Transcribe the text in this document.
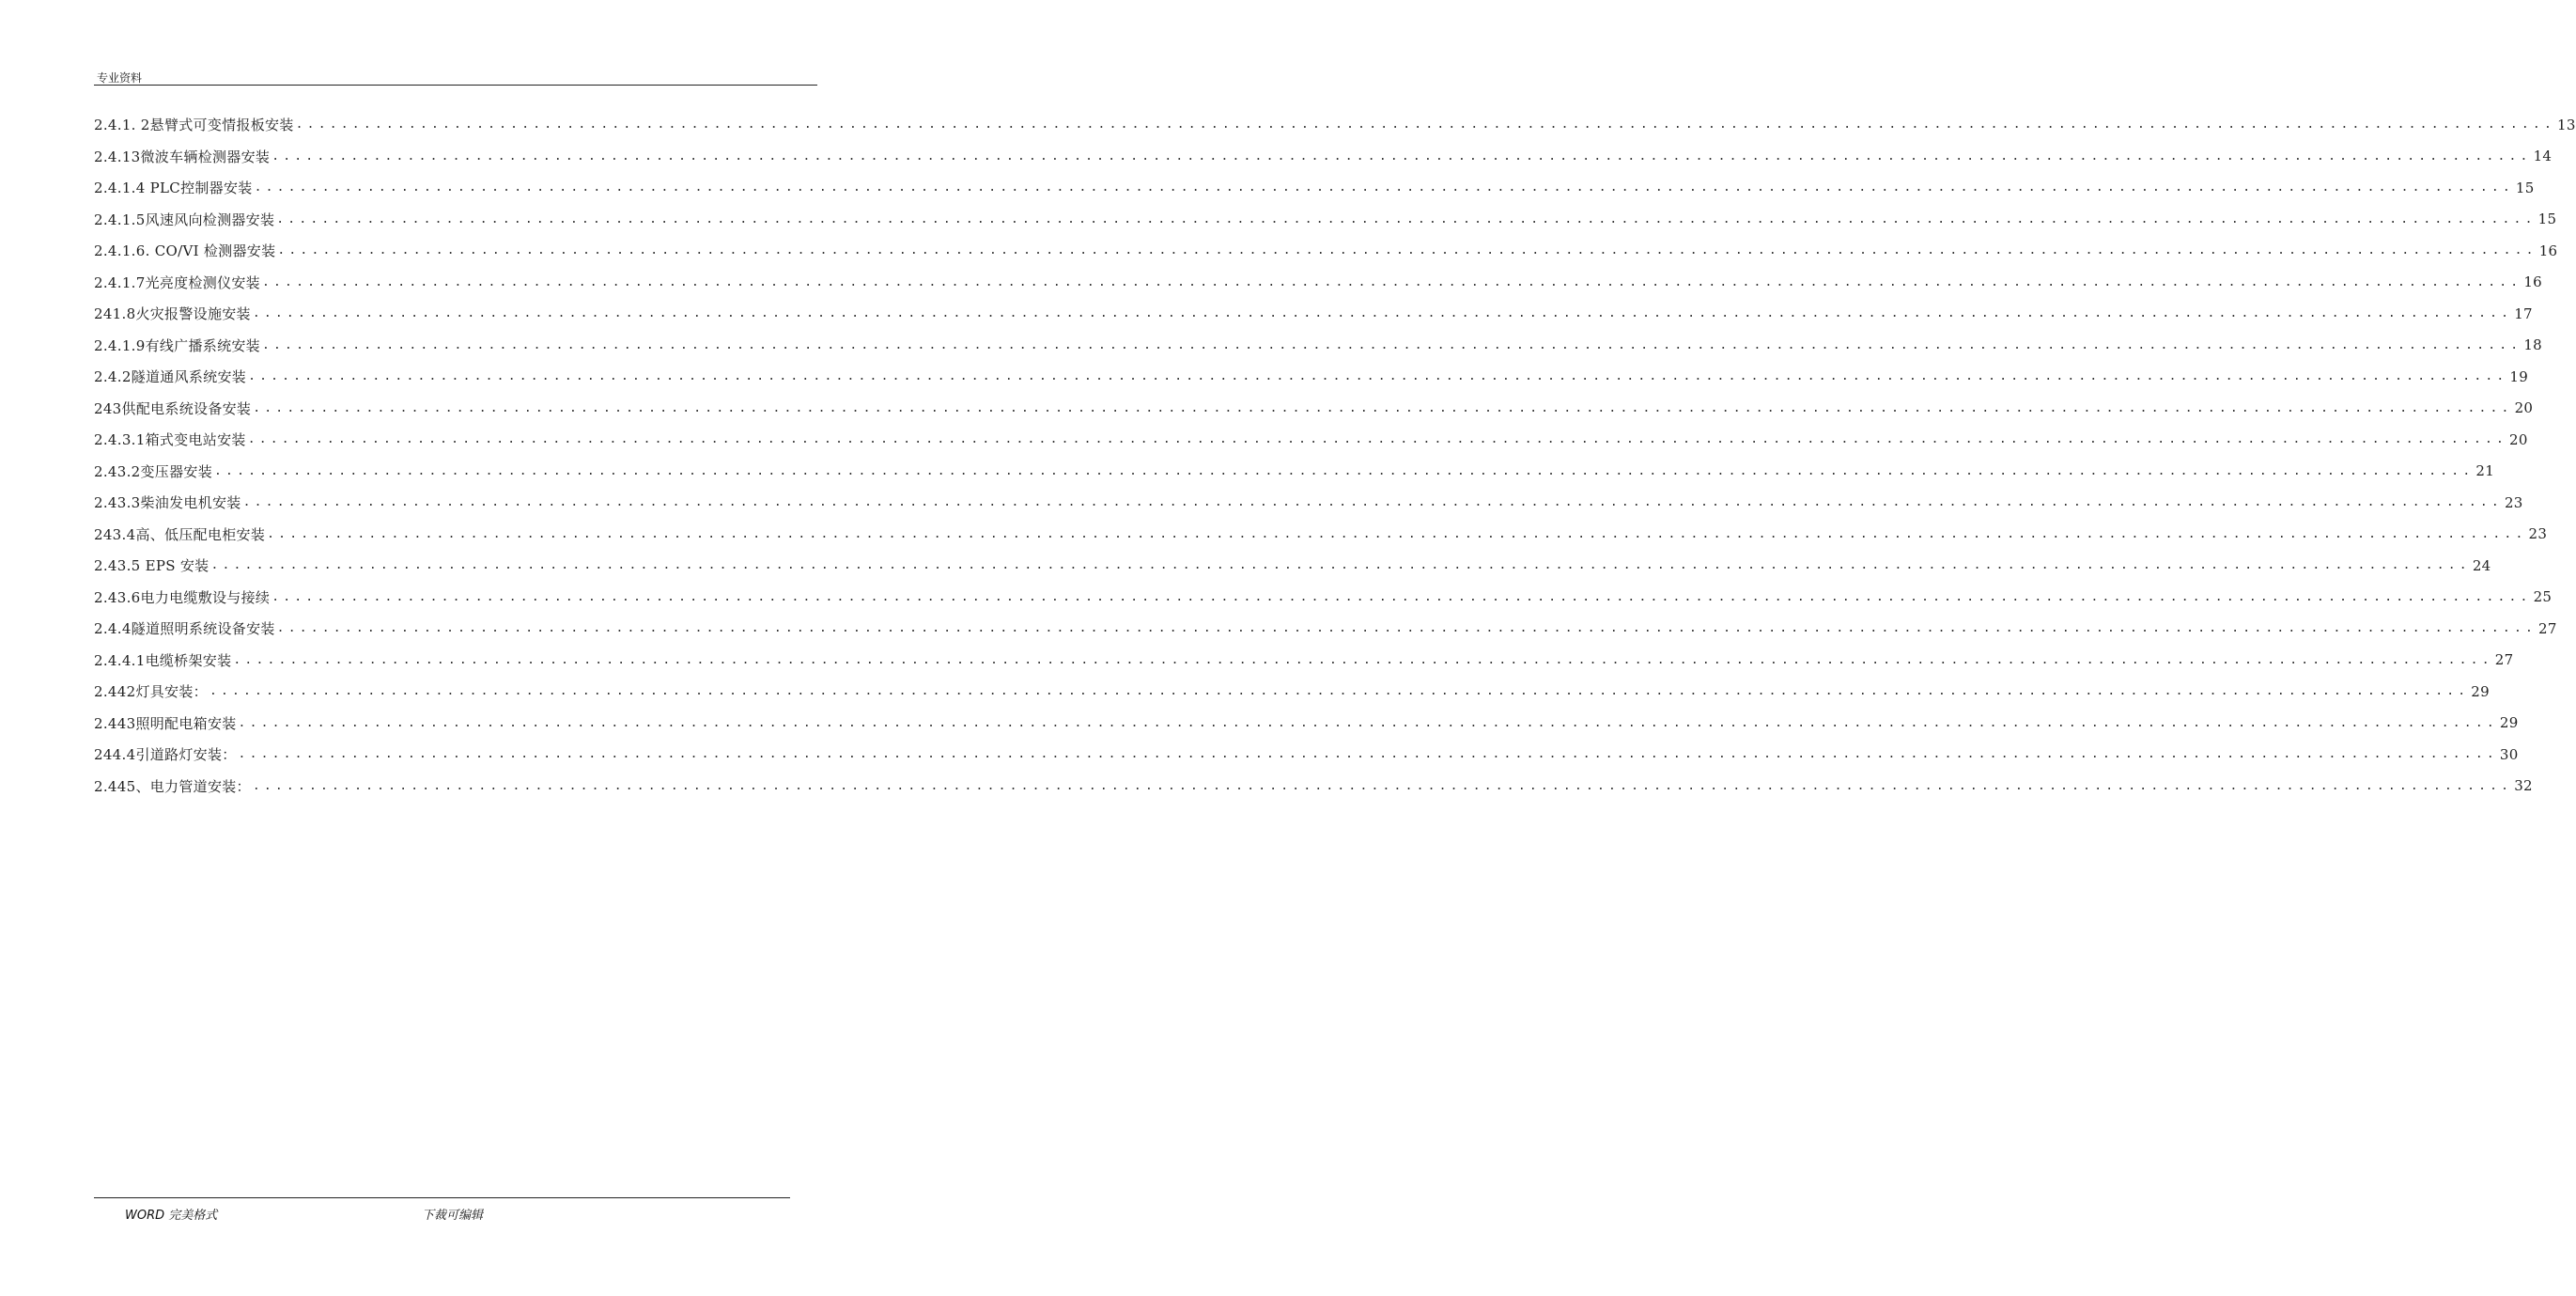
专业资料
2.4.1. 2悬臂式可变情报板安装 ........................................................................................................................................................................................................ 13
2.4.13微波车辆检测器安装 ........................................................................................................................................................................................................ 14
2.4.1.4 PLC控制器安装 ........................................................................................................................................................................................................ 15
2.4.1.5风速风向检测器安装 ........................................................................................................................................................................................................ 15
2.4.1.6. CO/VI 检测器安装 ........................................................................................................................................................................................................ 16
2.4.1.7光亮度检测仪安装 ........................................................................................................................................................................................................ 16
241.8火灾报警设施安装 ........................................................................................................................................................................................................ 17
2.4.1.9有线广播系统安装 ........................................................................................................................................................................................................ 18
2.4.2隧道通风系统安装 ........................................................................................................................................................................................................ 19
243供配电系统设备安装 ........................................................................................................................................................................................................ 20
2.4.3.1箱式变电站安装 ........................................................................................................................................................................................................ 20
2.43.2变压器安装 ........................................................................................................................................................................................................ 21
2.43.3柴油发电机安装 ........................................................................................................................................................................................................ 23
243.4高、低压配电柜安装 ........................................................................................................................................................................................................ 23
2.43.5 EPS 安装 ........................................................................................................................................................................................................ 24
2.43.6电力电缆敷设与接续 ........................................................................................................................................................................................................ 25
2.4.4隧道照明系统设备安装 ........................................................................................................................................................................................................ 27
2.4.4.1电缆桥架安装 ........................................................................................................................................................................................................ 27
2.442灯具安装： ........................................................................................................................................................................................................ 29
2.443照明配电箱安装 ........................................................................................................................................................................................................ 29
244.4引道路灯安装： ........................................................................................................................................................................................................ 30
2.445、电力管道安装： ........................................................................................................................................................................................................ 32
WORD 完美格式	下裁可编辑
